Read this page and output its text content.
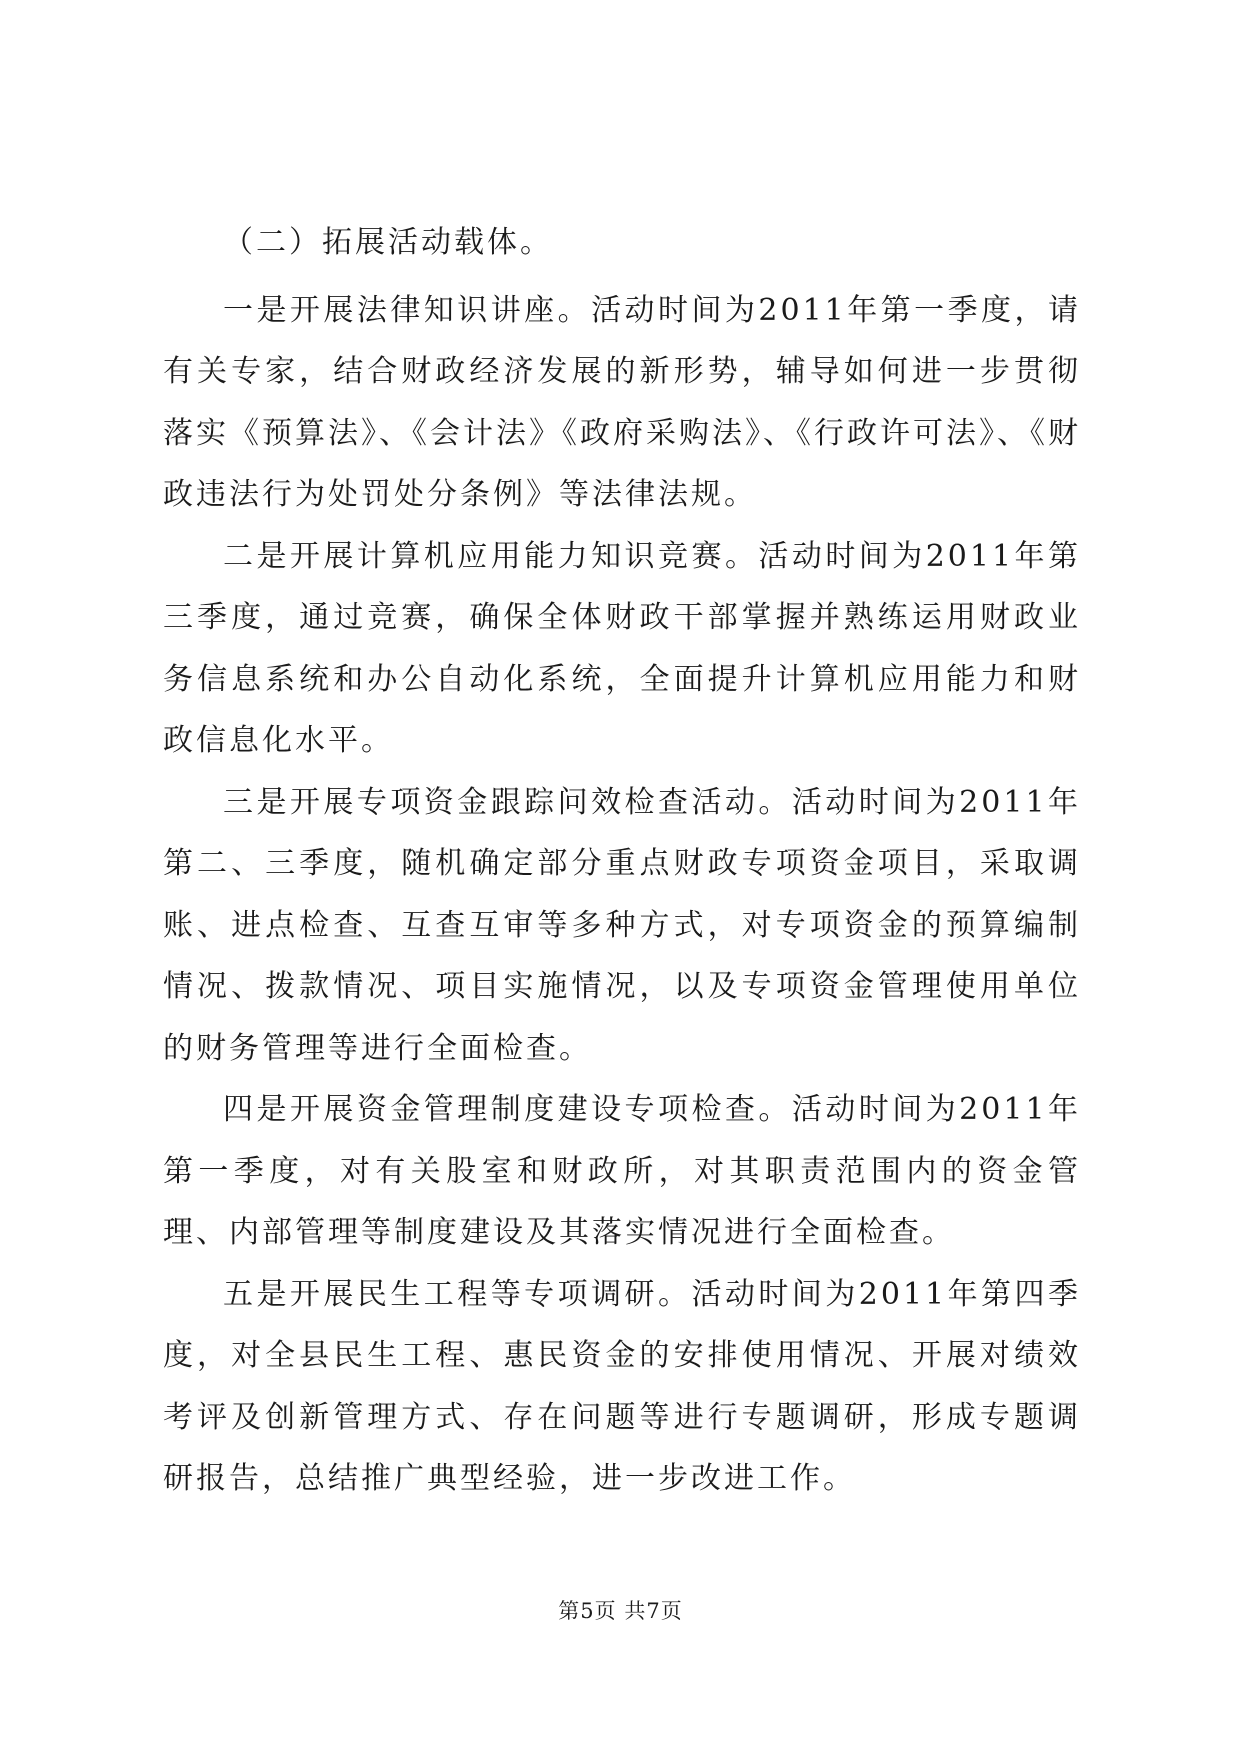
（二）拓展活动载体。

一是开展法律知识讲座。活动时间为2011年第一季度，请有关专家，结合财政经济发展的新形势，辅导如何进一步贯彻落实《预算法》、《会计法》《政府采购法》、《行政许可法》、《财政违法行为处罚处分条例》等法律法规。

二是开展计算机应用能力知识竞赛。活动时间为2011年第三季度，通过竞赛，确保全体财政干部掌握并熟练运用财政业务信息系统和办公自动化系统，全面提升计算机应用能力和财政信息化水平。

三是开展专项资金跟踪问效检查活动。活动时间为2011年第二、三季度，随机确定部分重点财政专项资金项目，采取调账、进点检查、互查互审等多种方式，对专项资金的预算编制情况、拨款情况、项目实施情况，以及专项资金管理使用单位的财务管理等进行全面检查。

四是开展资金管理制度建设专项检查。活动时间为2011年第一季度，对有关股室和财政所，对其职责范围内的资金管理、内部管理等制度建设及其落实情况进行全面检查。

五是开展民生工程等专项调研。活动时间为2011年第四季度，对全县民生工程、惠民资金的安排使用情况、开展对绩效考评及创新管理方式、存在问题等进行专题调研，形成专题调研报告，总结推广典型经验，进一步改进工作。

第5页 共7页
